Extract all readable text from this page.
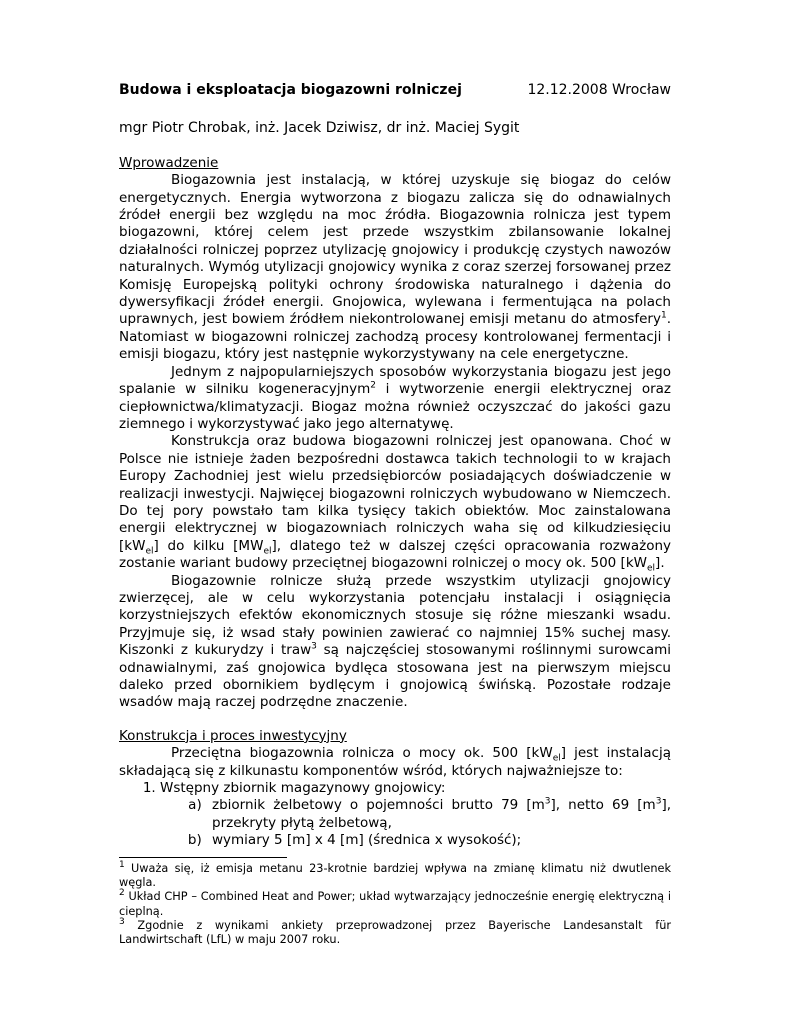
Budowa i eksploatacja biogazowni rolniczej	12.12.2008 Wrocław
mgr Piotr Chrobak, inż. Jacek Dziwisz, dr inż. Maciej Sygit
Wprowadzenie

Biogazownia jest instalacją, w której uzyskuje się biogaz do celów energetycznych. Energia wytworzona z biogazu zalicza się do odnawialnych źródeł energii bez względu na moc źródła. Biogazownia rolnicza jest typem biogazowni, której celem jest przede wszystkim zbilansowanie lokalnej działalności rolniczej poprzez utylizację gnojowicy i produkcję czystych nawozów naturalnych. Wymóg utylizacji gnojowicy wynika z coraz szerzej forsowanej przez Komisję Europejską polityki ochrony środowiska naturalnego i dążenia do dywersyfikacji źródeł energii. Gnojowica, wylewana i fermentująca na polach uprawnych, jest bowiem źródłem niekontrolowanej emisji metanu do atmosfery$^1$. Natomiast w biogazowni rolniczej zachodzą procesy kontrolowanej fermentacji i emisji biogazu, który jest następnie wykorzystywany na cele energetyczne.

Jednym z najpopularniejszych sposobów wykorzystania biogazu jest jego spalanie w silniku kogeneracyjnym$^2$ i wytworzenie energii elektrycznej oraz ciepłownictwa/klimatyzacji. Biogaz można również oczyszczać do jakości gazu ziemnego i wykorzystywać jako jego alternatywę.

Konstrukcja oraz budowa biogazowni rolniczej jest opanowana. Choć w Polsce nie istnieje żaden bezpośredni dostawca takich technologii to w krajach Europy Zachodniej jest wielu przedsiębiorców posiadających doświadczenie w realizacji inwestycji. Najwięcej biogazowni rolniczych wybudowano w Niemczech. Do tej pory powstało tam kilka tysięcy takich obiektów. Moc zainstalowana energii elektrycznej w biogazowniach rolniczych waha się od kilkudziesięciu $[kW_{el}]$ do kilku $[MW_{el}]$, dlatego też w dalszej części opracowania rozważony zostanie wariant budowy przeciętnej biogazowni rolniczej o mocy ok. 500 $[kW_{el}]$.

Biogazownie rolnicze służą przede wszystkim utylizacji gnojowicy zwierzęcej, ale w celu wykorzystania potencjału instalacji i osiągnięcia korzystniejszych efektów ekonomicznych stosuje się różne mieszanki wsadu. Przyjmuje się, iż wsad stały powinien zawierać co najmniej 15% suchej masy. Kiszonki z kukurydzy i traw$^3$ są najczęściej stosowanymi roślinnymi surowcami odnawialnymi, zaś gnojowica bydlęca stosowana jest na pierwszym miejscu daleko przed obornikiem bydlęcym i gnojowicą świńską. Pozostałe rodzaje wsadów mają raczej podrzędne znaczenie.

Konstrukcja i proces inwestycyjny

Przeciętna biogazownia rolnicza o mocy ok. 500 $[kW_{el}]$ jest instalacją składającą się z kilkunastu komponentów wśród, których najważniejsze to:

1. Wstępny zbiornik magazynowy gnojowicy:
a. zbiornik żelbetowy o pojemności brutto 79 $[m^3]$, netto 69 $[m^3]$, przekryty płytą żelbetową,
b. wymiary 5 [m] x 4 [m] (średnica x wysokość);
$^1$ Uważa się, iż emisja metanu 23-krotnie bardziej wpływa na zmianę klimatu niż dwutlenek węgla.
$^2$ Układ CHP – Combined Heat and Power; układ wytwarzający jednocześnie energię elektryczną i cieplną.
$^3$ Zgodnie z wynikami ankiety przeprowadzonej przez Bayerische Landesanstalt für Landwirtschaft (LfL) w maju 2007 roku.
